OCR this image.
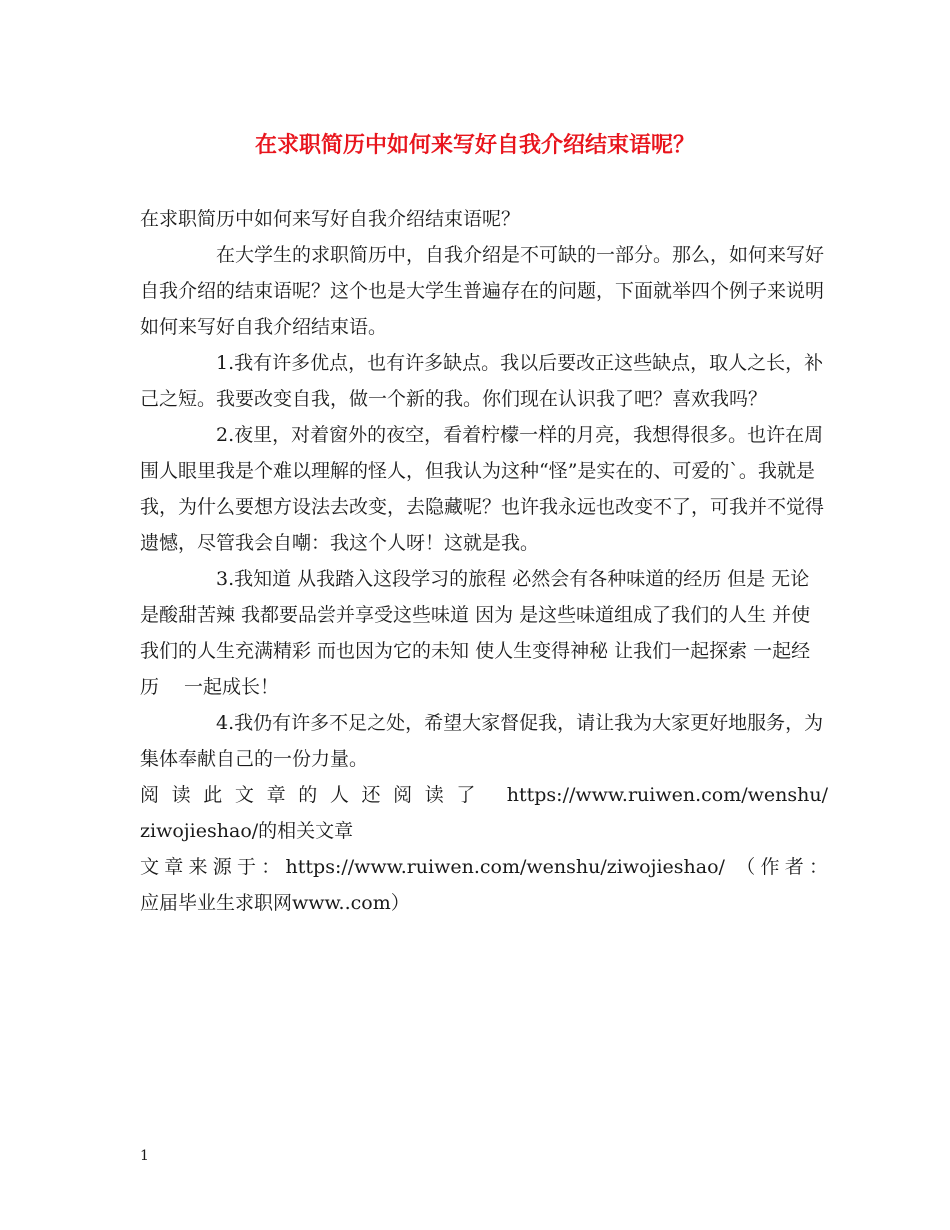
在求职简历中如何来写好自我介绍结束语呢？

在求职简历中如何来写好自我介绍结束语呢？

在大学生的求职简历中，自我介绍是不可缺的一部分。那么，如何来写好自我介绍的结束语呢？这个也是大学生普遍存在的问题，下面就举四个例子来说明如何来写好自我介绍结束语。

1.我有许多优点，也有许多缺点。我以后要改正这些缺点，取人之长，补己之短。我要改变自我，做一个新的我。你们现在认识我了吧？喜欢我吗？

2.夜里，对着窗外的夜空，看着柠檬一样的月亮，我想得很多。也许在周围人眼里我是个难以理解的怪人，但我认为这种“怪”是实在的、可爱的`。我就是我，为什么要想方设法去改变，去隐藏呢？也许我永远也改变不了，可我并不觉得遗憾，尽管我会自嘲：我这个人呀！这就是我。

3.我知道 从我踏入这段学习的旅程 必然会有各种味道的经历 但是 无论是酸甜苦辣 我都要品尝并享受这些味道 因为 是这些味道组成了我们的人生 并使我们的人生充满精彩 而也因为它的未知 使人生变得神秘 让我们一起探索 一起经历　 一起成长！

4.我仍有许多不足之处，希望大家督促我，请让我为大家更好地服务，为集体奉献自己的一份力量。

阅读此文章的人还阅读了 https://www.ruiwen.com/wenshu/

ziwojieshao/的相关文章

文章来源于：https://www.ruiwen.com/wenshu/ziwojieshao/ （作者：

应届毕业生求职网www..com）

1
